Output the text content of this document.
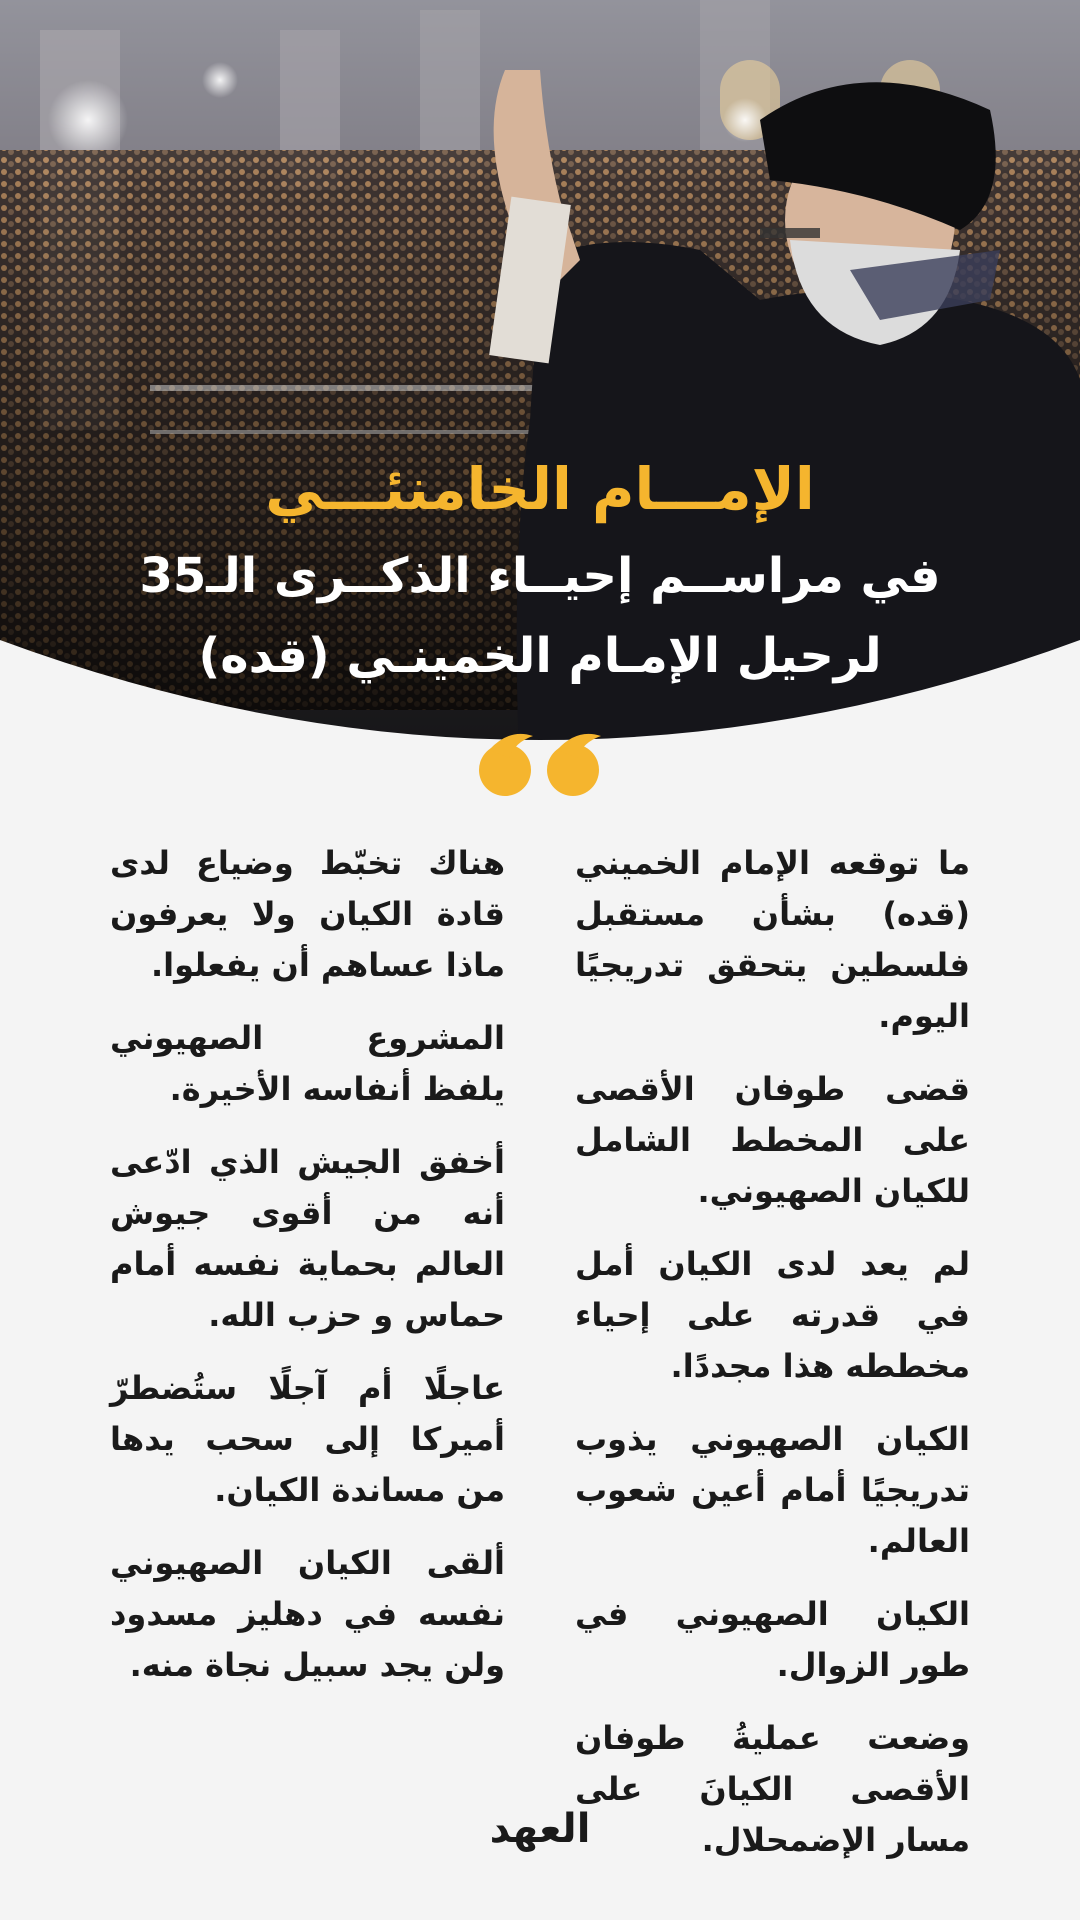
الإمـــام الخامنئـــي
في مراســم إحيــاء الذكــرى الـ35
لرحيل الإمـام الخمينـي (قده)

ما توقعه الإمام الخميني (قده) بشأن مستقبل فلسطين يتحقق تدريجيًا اليوم.

قضى طوفان الأقصى على المخطط الشامل للكيان الصهيوني.

لم يعد لدى الكيان أمل في قدرته على إحياء مخططه هذا مجددًا.

الكيان الصهيوني يذوب تدريجيًا أمام أعين شعوب العالم.

الكيان الصهيوني في طور الزوال.

وضعت عمليةُ طوفان الأقصى الكيانَ على مسار الإضمحلال.

هناك تخبّط وضياع لدى قادة الكيان ولا يعرفون ماذا عساهم أن يفعلوا.

المشروع الصهيوني يلفظ أنفاسه الأخيرة.

أخفق الجيش الذي ادّعى أنه من أقوى جيوش العالم بحماية نفسه أمام حماس و حزب الله.

عاجلًا أم آجلًا ستُضطرّ أميركا إلى سحب يدها من مساندة الكيان.

ألقى الكيان الصهيوني نفسه في دهليز مسدود ولن يجد سبيل نجاة منه.

العهد
